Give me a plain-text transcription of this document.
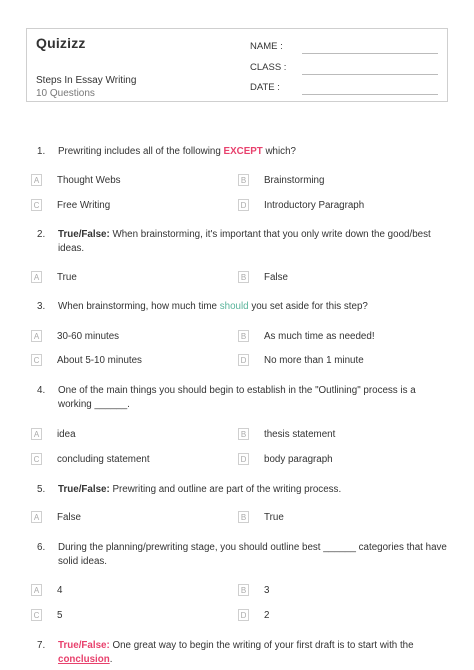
Quizizz
Steps In Essay Writing
10 Questions
NAME :
CLASS :
DATE :
1. Prewriting includes all of the following EXCEPT which?
A Thought Webs	B Brainstorming
C Free Writing	D Introductory Paragraph
2. True/False: When brainstorming, it's important that you only write down the good/best ideas.
A True	B False
3. When brainstorming, how much time should you set aside for this step?
A 30-60 minutes	B As much time as needed!
C About 5-10 minutes	D No more than 1 minute
4. One of the main things you should begin to establish in the "Outlining" process is a working ______.
A idea	B thesis statement
C concluding statement	D body paragraph
5. True/False: Prewriting and outline are part of the writing process.
A False	B True
6. During the planning/prewriting stage, you should outline best ______ categories that have solid ideas.
A 4	B 3
C 5	D 2
7. True/False: One great way to begin the writing of your first draft is to start with the conclusion.
